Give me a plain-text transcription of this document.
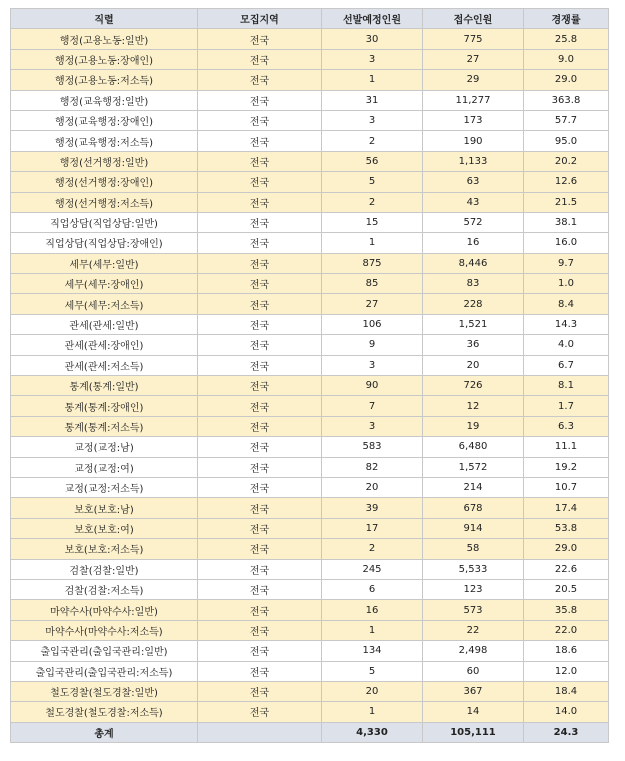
직렬	모집지역	선발예정인원	접수인원	경쟁률
행정(고용노동:일반)	전국	30	775	25.8
행정(고용노동:장애인)	전국	3	27	9.0
행정(고용노동:저소득)	전국	1	29	29.0
행정(교육행정:일반)	전국	31	11,277	363.8
행정(교육행정:장애인)	전국	3	173	57.7
행정(교육행정:저소득)	전국	2	190	95.0
행정(선거행정:일반)	전국	56	1,133	20.2
행정(선거행정:장애인)	전국	5	63	12.6
행정(선거행정:저소득)	전국	2	43	21.5
직업상담(직업상담:일반)	전국	15	572	38.1
직업상담(직업상담:장애인)	전국	1	16	16.0
세무(세무:일반)	전국	875	8,446	9.7
세무(세무:장애인)	전국	85	83	1.0
세무(세무:저소득)	전국	27	228	8.4
관세(관세:일반)	전국	106	1,521	14.3
관세(관세:장애인)	전국	9	36	4.0
관세(관세:저소득)	전국	3	20	6.7
통계(통계:일반)	전국	90	726	8.1
통계(통계:장애인)	전국	7	12	1.7
통계(통계:저소득)	전국	3	19	6.3
교정(교정:남)	전국	583	6,480	11.1
교정(교정:여)	전국	82	1,572	19.2
교정(교정:저소득)	전국	20	214	10.7
보호(보호:남)	전국	39	678	17.4
보호(보호:여)	전국	17	914	53.8
보호(보호:저소득)	전국	2	58	29.0
검찰(검찰:일반)	전국	245	5,533	22.6
검찰(검찰:저소득)	전국	6	123	20.5
마약수사(마약수사:일반)	전국	16	573	35.8
마약수사(마약수사:저소득)	전국	1	22	22.0
출입국관리(출입국관리:일반)	전국	134	2,498	18.6
출입국관리(출입국관리:저소득)	전국	5	60	12.0
철도경찰(철도경찰:일반)	전국	20	367	18.4
철도경찰(철도경찰:저소득)	전국	1	14	14.0
총계		4,330	105,111	24.3
